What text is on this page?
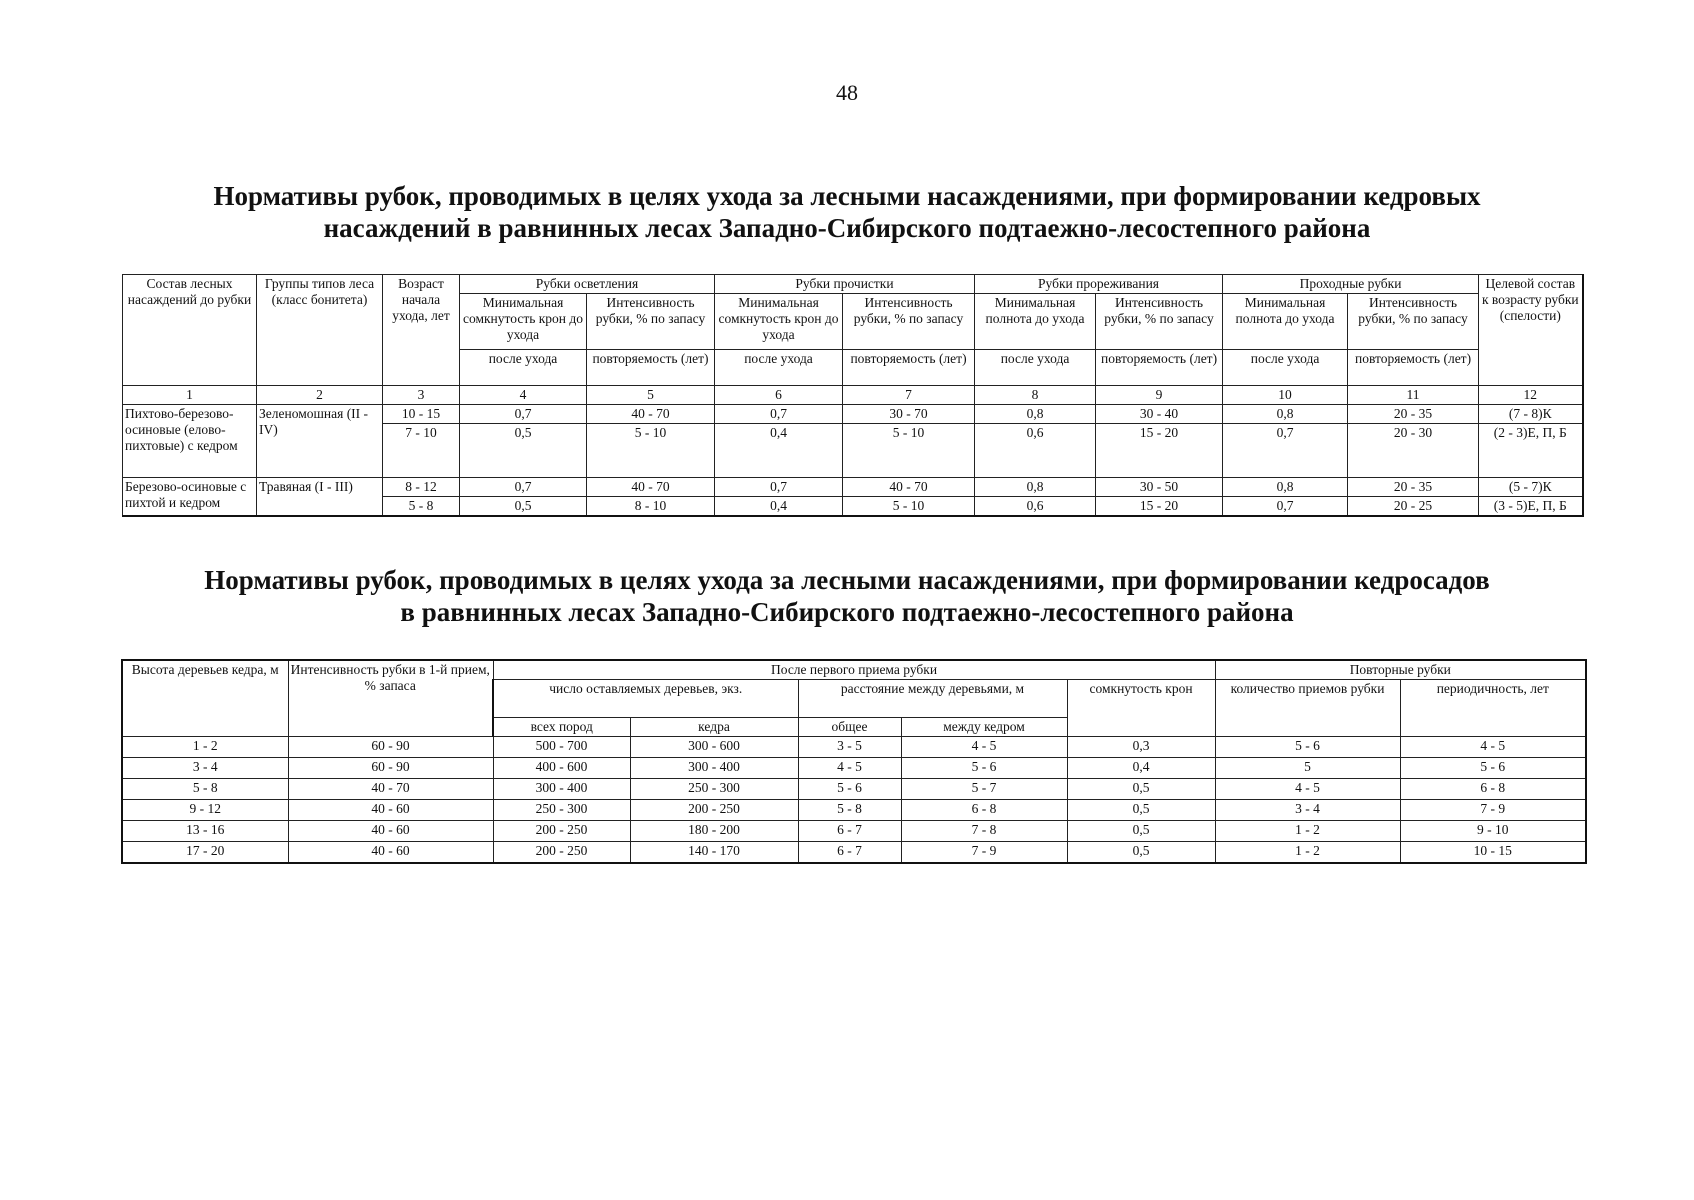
48
Нормативы рубок, проводимых в целях ухода за лесными насаждениями, при формировании кедровых
насаждений в равнинных лесах Западно-Сибирского подтаежно-лесостепного района
Состав лесных насаждений до рубки	Группы типов леса (класс бонитета)	Возраст начала ухода, лет	Рубки осветления		Рубки прочистки		Рубки прореживания		Проходные рубки		Целевой состав к возрасту рубки (спелости)
			Минимальная сомкнутость крон до ухода	Интенсивность рубки, % по запасу	Минимальная сомкнутость крон до ухода	Интенсивность рубки, % по запасу	Минимальная полнота до ухода	Интенсивность рубки, % по запасу	Минимальная полнота до ухода	Интенсивность рубки, % по запасу	
			после ухода	повторяемость (лет)	после ухода	повторяемость (лет)	после ухода	повторяемость (лет)	после ухода	повторяемость (лет)	
1	2	3	4	5	6	7	8	9	10	11	12
Пихтово-березово-осиновые (елово-пихтовые) с кедром	Зеленомошная (II - IV)	10 - 15	0,7	40 - 70	0,7	30 - 70	0,8	30 - 40	0,8	20 - 35	(7 - 8)К
		7 - 10	0,5	5 - 10	0,4	5 - 10	0,6	15 - 20	0,7	20 - 30	(2 - 3)Е, П, Б
Березово-осиновые с пихтой и кедром	Травяная (I - III)	8 - 12	0,7	40 - 70	0,7	40 - 70	0,8	30 - 50	0,8	20 - 35	(5 - 7)К
		5 - 8	0,5	8 - 10	0,4	5 - 10	0,6	15 - 20	0,7	20 - 25	(3 - 5)Е, П, Б
Нормативы рубок, проводимых в целях ухода за лесными насаждениями, при формировании кедросадов
в равнинных лесах Западно-Сибирского подтаежно-лесостепного района
Высота деревьев кедра, м	Интенсивность рубки в 1-й прием, % запаса	После первого приема рубки					Повторные рубки	
		число оставляемых деревьев, экз.		расстояние между деревьями, м		сомкнутость крон	количество приемов рубки	периодичность, лет
		всех пород	кедра	общее	между кедром			
1 - 2	60 - 90	500 - 700	300 - 600	3 - 5	4 - 5	0,3	5 - 6	4 - 5
3 - 4	60 - 90	400 - 600	300 - 400	4 - 5	5 - 6	0,4	5	5 - 6
5 - 8	40 - 70	300 - 400	250 - 300	5 - 6	5 - 7	0,5	4 - 5	6 - 8
9 - 12	40 - 60	250 - 300	200 - 250	5 - 8	6 - 8	0,5	3 - 4	7 - 9
13 - 16	40 - 60	200 - 250	180 - 200	6 - 7	7 - 8	0,5	1 - 2	9 - 10
17 - 20	40 - 60	200 - 250	140 - 170	6 - 7	7 - 9	0,5	1 - 2	10 - 15
